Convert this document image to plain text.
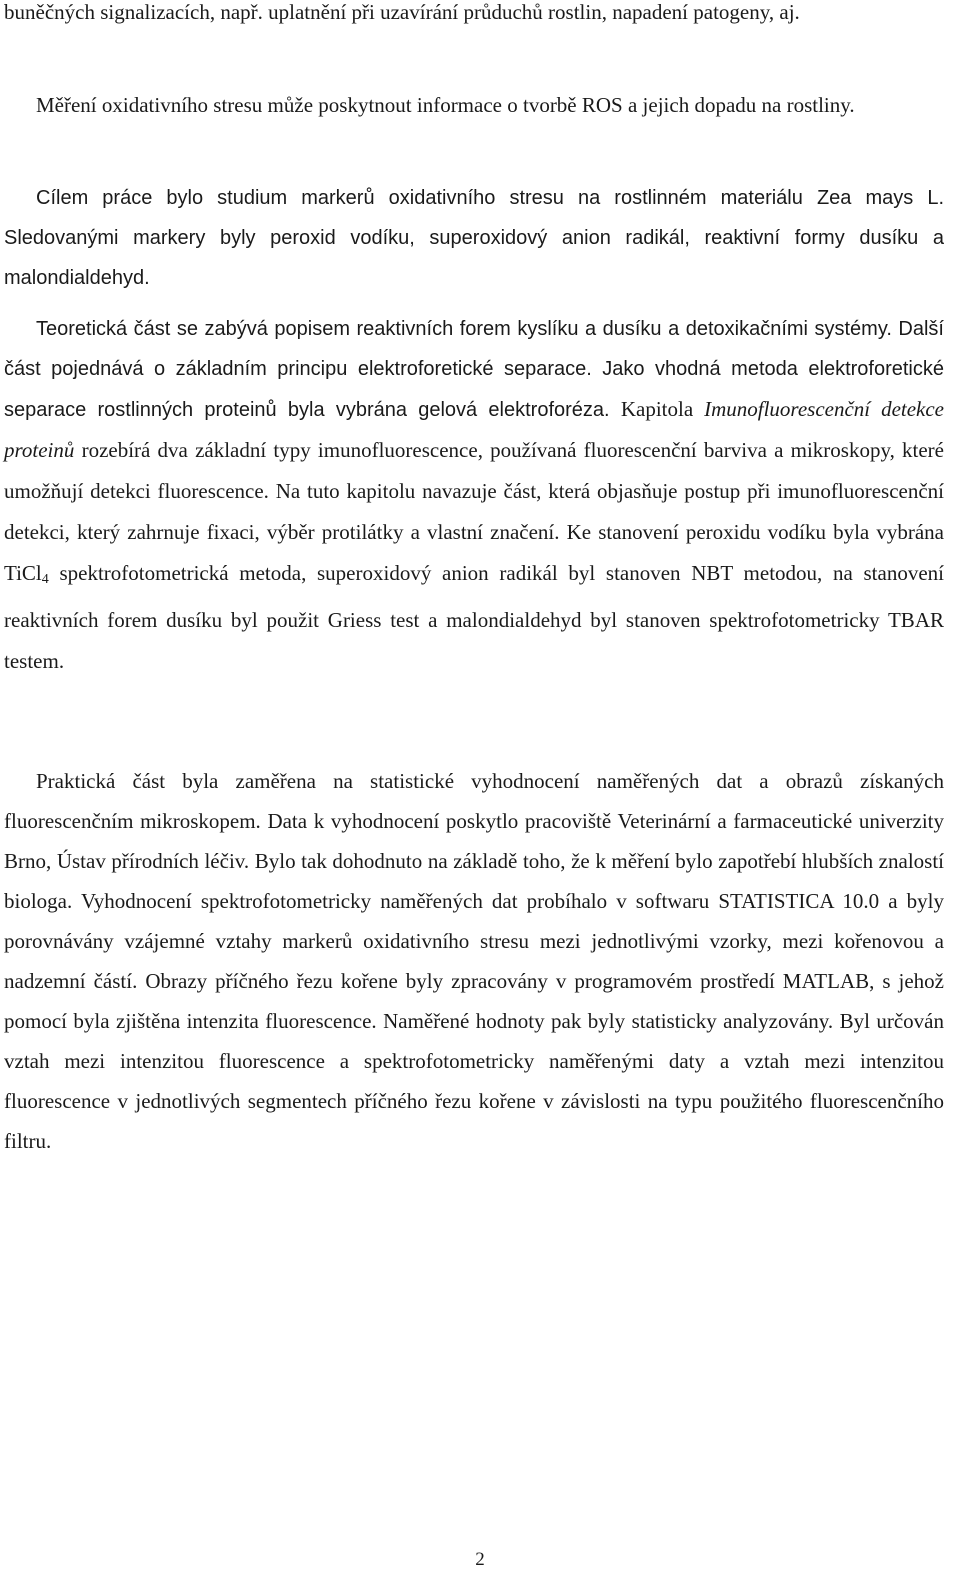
buněčných signalizacích, např. uplatnění při uzavírání průduchů rostlin, napadení patogeny, aj.

Měření oxidativního stresu může poskytnout informace o tvorbě ROS a jejich dopadu na rostliny.

Cílem práce bylo studium markerů oxidativního stresu na rostlinném materiálu Zea mays L. Sledovanými markery byly peroxid vodíku, superoxidový anion radikál, reaktivní formy dusíku a malondialdehyd.

Teoretická část se zabývá popisem reaktivních forem kyslíku a dusíku a detoxikačními systémy. Další část pojednává o základním principu elektroforetické separace. Jako vhodná metoda elektroforetické separace rostlinných proteinů byla vybrána gelová elektroforéza. Kapitola Imunofluorescenční detekce proteinů rozebírá dva základní typy imunofluorescence, používaná fluorescenční barviva a mikroskopy, které umožňují detekci fluorescence. Na tuto kapitolu navazuje část, která objasňuje postup při imunofluorescenční detekci, který zahrnuje fixaci, výběr protilátky a vlastní značení. Ke stanovení peroxidu vodíku byla vybrána TiCl$_4$ spektrofotometrická metoda, superoxidový anion radikál byl stanoven NBT metodou, na stanovení reaktivních forem dusíku byl použit Griess test a malondialdehyd byl stanoven spektrofotometricky TBAR testem.

Praktická část byla zaměřena na statistické vyhodnocení naměřených dat a obrazů získaných fluorescenčním mikroskopem. Data k vyhodnocení poskytlo pracoviště Veterinární a farmaceutické univerzity Brno, Ústav přírodních léčiv. Bylo tak dohodnuto na základě toho, že k měření bylo zapotřebí hlubších znalostí biologa. Vyhodnocení spektrofotometricky naměřených dat probíhalo v softwaru STATISTICA 10.0 a byly porovnávány vzájemné vztahy markerů oxidativního stresu mezi jednotlivými vzorky, mezi kořenovou a nadzemní částí. Obrazy příčného řezu kořene byly zpracovány v programovém prostředí MATLAB, s jehož pomocí byla zjištěna intenzita fluorescence. Naměřené hodnoty pak byly statisticky analyzovány. Byl určován vztah mezi intenzitou fluorescence a spektrofotometricky naměřenými daty a vztah mezi intenzitou fluorescence v jednotlivých segmentech příčného řezu kořene v závislosti na typu použitého fluorescenčního filtru.

2
